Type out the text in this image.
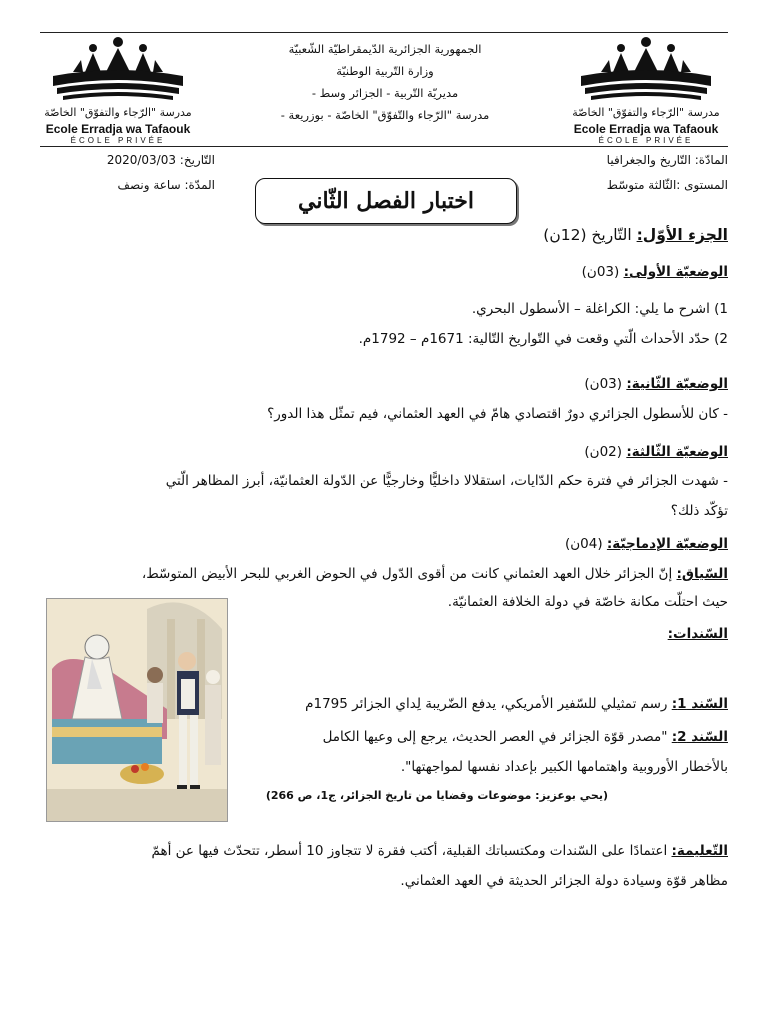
مدرسة "الرّجاء والتفوّق" الخاصّة
Ecole Erradja wa Tafaouk
ÉCOLE PRIVÉE
مدرسة "الرّجاء والتفوّق" الخاصّة
Ecole Erradja wa Tafaouk
ÉCOLE PRIVÉE
الجمهورية الجزائرية الدّيمقراطيّة الشّعبيّة
وزارة التّربية الوطنيّة
مديريّة التّربية - الجزائر وسط -
مدرسة "الرّجاء والتّفوّق" الخاصّة - بوزريعة -
المادّة: التّاريخ والجغرافيا
المستوى :الثّالثة متوسّط
التّاريخ: 2020/03/03
المدّة: ساعة ونصف
اختبار الفصل الثّاني
الجزء الأوّل: التّاريخ (12ن)
الوضعيّة الأولى: (03ن)
1) اشرح ما يلي: الكراغلة – الأسطول البحري.
2) حدّد الأحداث الّتي وقعت في التّواريخ التّالية: 1671م – 1792م.
الوضعيّة الثّانية: (03ن)
- كان للأسطول الجزائري دورٌ اقتصادي هامّ في العهد العثماني، فيم تمثّل هذا الدور؟
الوضعيّة الثّالثة: (02ن)
- شهدت الجزائر في فترة حكم الدّايات، استقلالا داخليًّا وخارجيًّا عن الدّولة العثمانيّة، أبرز المظاهر الّتي
تؤكّد ذلك؟
الوضعيّة الإدماجيّة: (04ن)
السّياق: إنّ الجزائر خلال العهد العثماني كانت من أقوى الدّول في الحوض الغربي للبحر الأبيض المتوسّط،
حيث احتلّت مكانة خاصّة في دولة الخلافة العثمانيّة.
السّندات:
السّند 1: رسم تمثيلي للسّفير الأمريكي، يدفع الضّريبة لِداي الجزائر 1795م
السّند 2: "مصدر قوّة الجزائر في العصر الحديث، يرجع إلى وعيها الكامل
بالأخطار الأوروبية واهتمامها الكبير بإعداد نفسها لمواجهتها".
(يحي بوعزيز: موضوعات وقضايا من تاريخ الجزائر، ج1، ص 266)
التّعليمة: اعتمادًا على السّندات ومكتسباتك القبلية، أكتب فقرة لا تتجاوز 10 أسطر، تتحدّث فيها عن أهمّ
مظاهر قوّة وسيادة دولة الجزائر الحديثة في العهد العثماني.
